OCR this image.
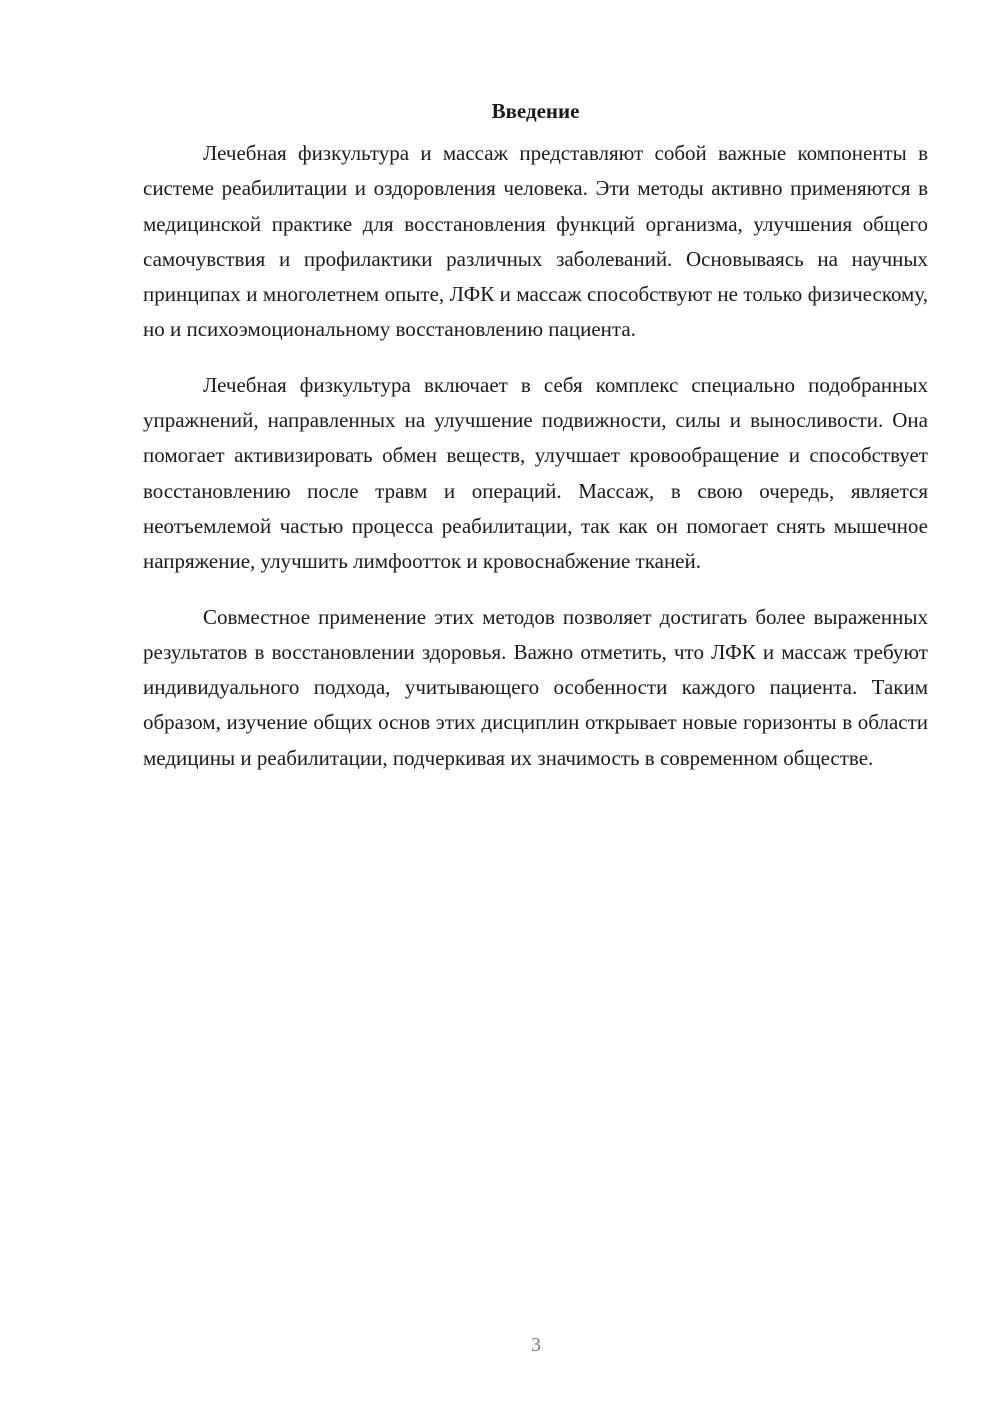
Введение

Лечебная физкультура и массаж представляют собой важные компоненты в системе реабилитации и оздоровления человека. Эти методы активно применяются в медицинской практике для восстановления функций организма, улучшения общего самочувствия и профилактики различных заболеваний. Основываясь на научных принципах и многолетнем опыте, ЛФК и массаж способствуют не только физическому, но и психоэмоциональному восстановлению пациента.

Лечебная физкультура включает в себя комплекс специально подобранных упражнений, направленных на улучшение подвижности, силы и выносливости. Она помогает активизировать обмен веществ, улучшает кровообращение и способствует восстановлению после травм и операций. Массаж, в свою очередь, является неотъемлемой частью процесса реабилитации, так как он помогает снять мышечное напряжение, улучшить лимфоотток и кровоснабжение тканей.

Совместное применение этих методов позволяет достигать более выраженных результатов в восстановлении здоровья. Важно отметить, что ЛФК и массаж требуют индивидуального подхода, учитывающего особенности каждого пациента. Таким образом, изучение общих основ этих дисциплин открывает новые горизонты в области медицины и реабилитации, подчеркивая их значимость в современном обществе.

3
